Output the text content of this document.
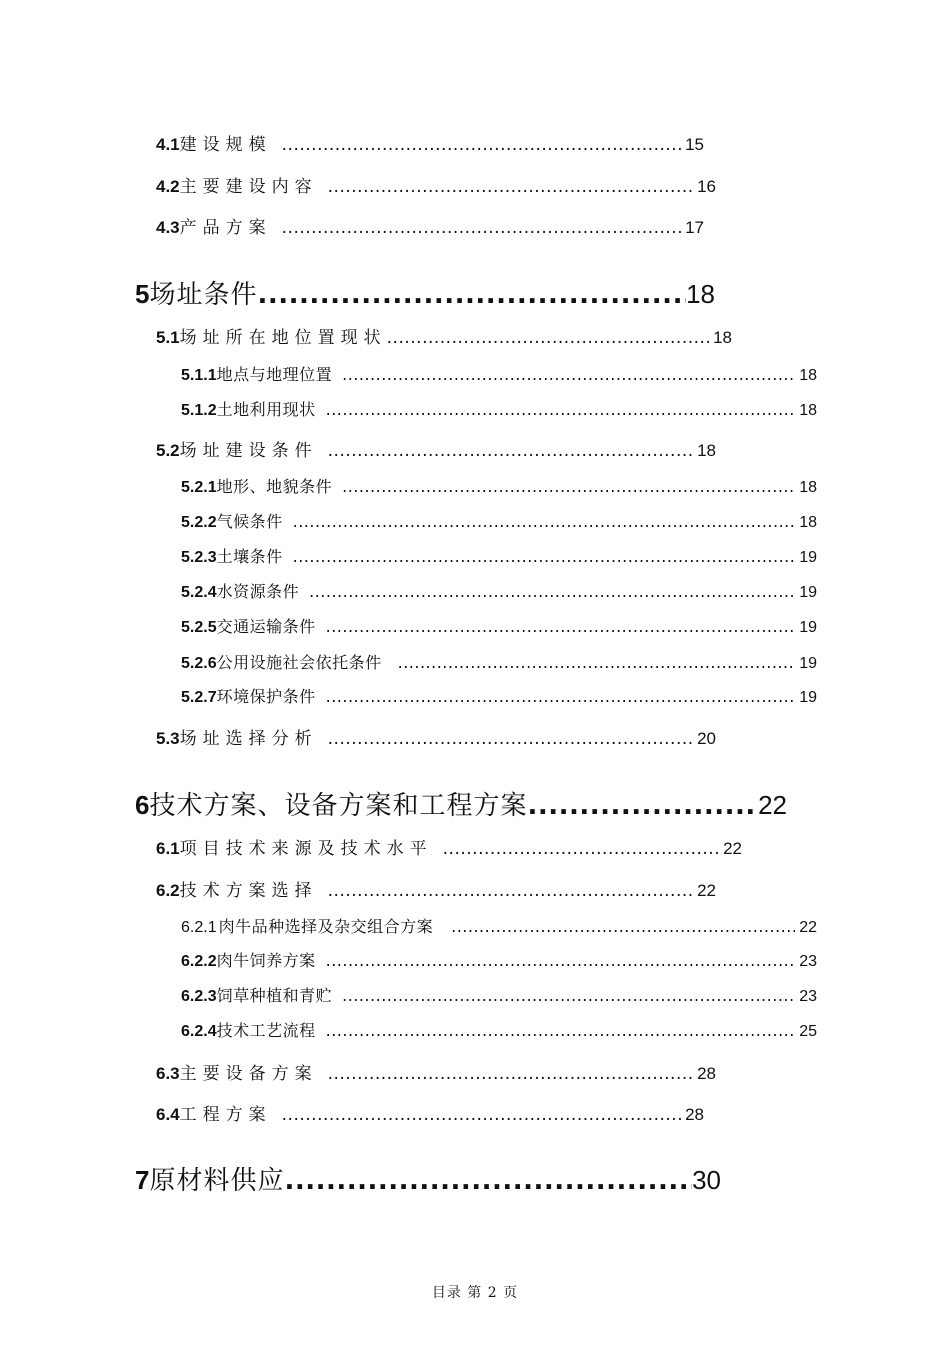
4.1 建设规模 .....	15
4.2 主要建设内容 .....	16
4.3 产品方案 .....	17
5 场址条件 .....	18
5.1 场址所在地位置现状 .....	18
5.1.1 地点与地理位置 .....	18
5.1.2 土地利用现状 .....	18
5.2 场址建设条件 .....	18
5.2.1 地形、地貌条件 .....	18
5.2.2 气候条件 .....	18
5.2.3 土壤条件 .....	19
5.2.4 水资源条件 .....	19
5.2.5 交通运输条件 .....	19
5.2.6 公用设施社会依托条件 .....	19
5.2.7 环境保护条件 .....	19
5.3 场址选择分析 .....	20
6 技术方案、设备方案和工程方案 .....	22
6.1 项目技术来源及技术水平 .....	22
6.2 技术方案选择 .....	22
6.2.1 肉牛品种选择及杂交组合方案 .....	22
6.2.2 肉牛饲养方案 .....	23
6.2.3 饲草种植和青贮 .....	23
6.2.4 技术工艺流程 .....	25
6.3 主要设备方案 .....	28
6.4 工程方案 .....	28
7 原材料供应 .....	30
目录 第 2 页
